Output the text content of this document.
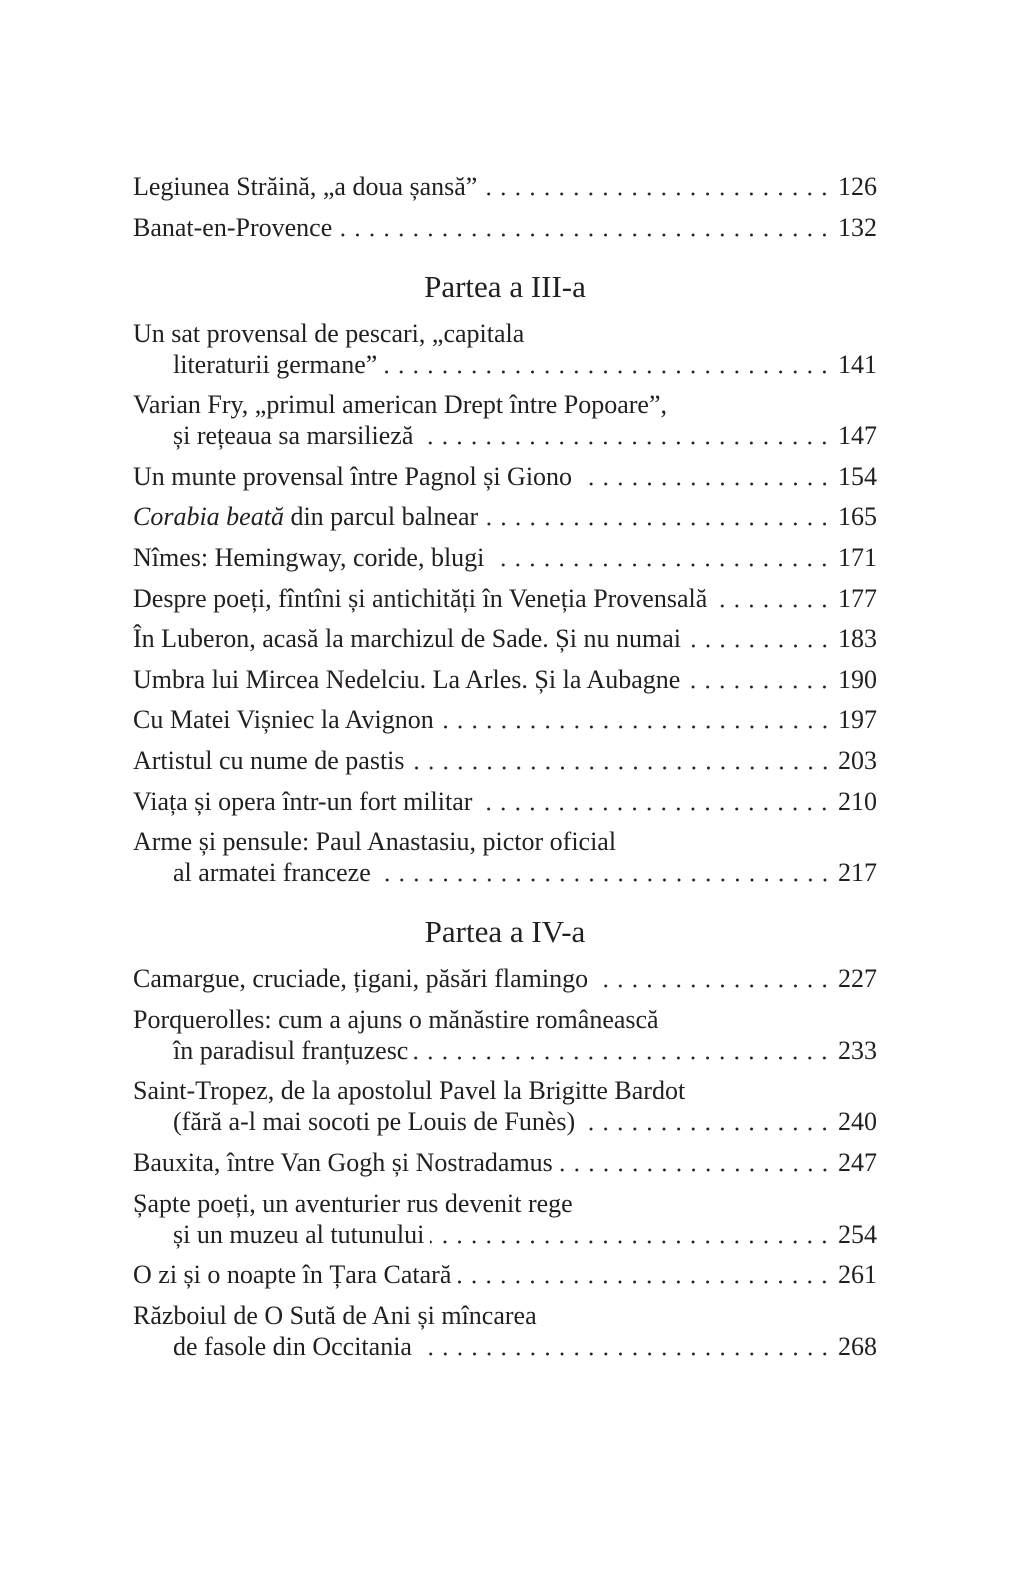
Legiunea Străină, „a doua șansă”	126
Banat-en-Provence	132
Partea a III-a
Un sat provensal de pescari, „capitala
literaturii germane”	141
Varian Fry, „primul american Drept între Popoare”,
și rețeaua sa marsilieză	147
Un munte provensal între Pagnol și Giono	154
Corabia beată din parcul balnear	165
Nîmes: Hemingway, coride, blugi	171
Despre poeți, fîntîni și antichități în Veneția Provensală	177
În Luberon, acasă la marchizul de Sade. Și nu numai	183
Umbra lui Mircea Nedelciu. La Arles. Și la Aubagne	190
Cu Matei Vișniec la Avignon	197
Artistul cu nume de pastis	203
Viața și opera într-un fort militar	210
Arme și pensule: Paul Anastasiu, pictor oficial
al armatei franceze	217
Partea a IV-a
Camargue, cruciade, țigani, păsări flamingo	227
Porquerolles: cum a ajuns o mănăstire românească
în paradisul franțuzesc	233
Saint-Tropez, de la apostolul Pavel la Brigitte Bardot
(fără a-l mai socoti pe Louis de Funès)	240
Bauxita, între Van Gogh și Nostradamus	247
Șapte poeți, un aventurier rus devenit rege
și un muzeu al tutunului	254
O zi și o noapte în Țara Catară	261
Războiul de O Sută de Ani și mîncarea
de fasole din Occitania	268
